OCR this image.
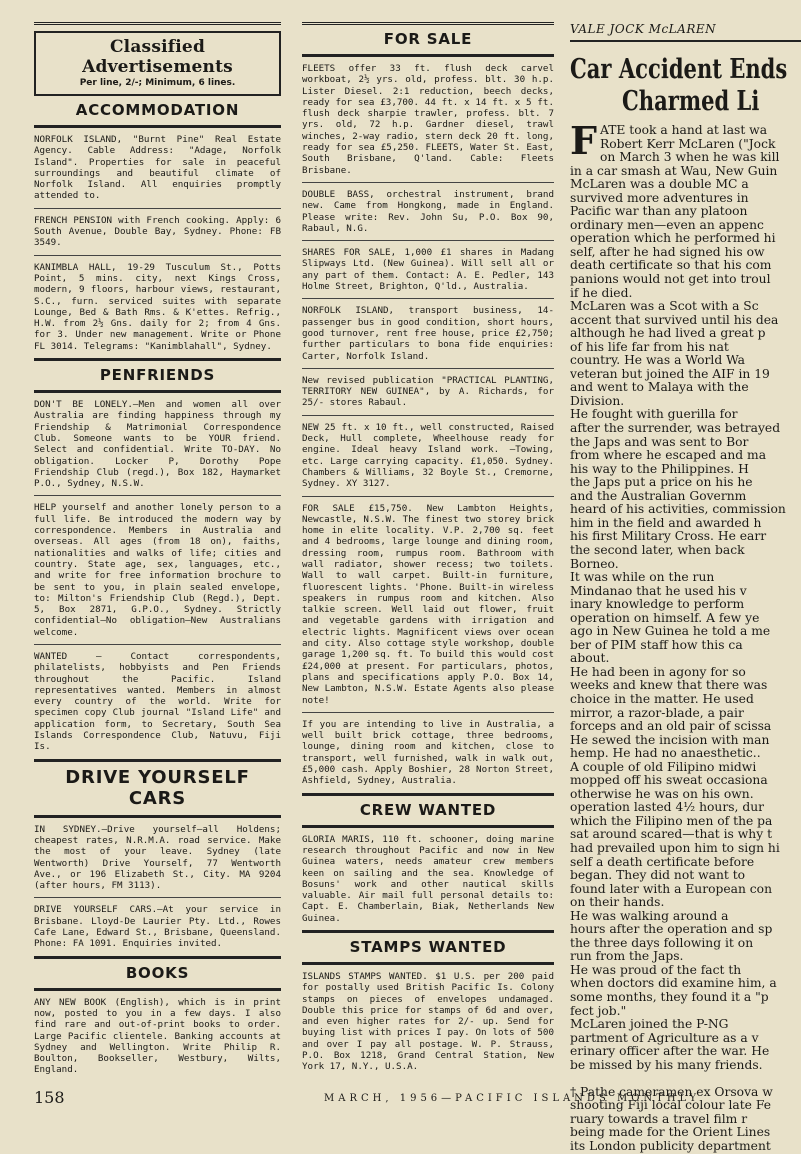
Classified Advertisements
Per line, 2/-; Minimum, 6 lines.
ACCOMMODATION
NORFOLK ISLAND, "Burnt Pine" Real Estate Agency. Cable Address: "Adage, Norfolk Island". Properties for sale in peaceful surroundings and beautiful climate of Norfolk Island. All enquiries promptly attended to.
FRENCH PENSION with French cooking. Apply: 6 South Avenue, Double Bay, Sydney. Phone: FB 3549.
KANIMBLA HALL, 19-29 Tusculum St., Potts Point, 5 mins. city, next Kings Cross, modern, 9 floors, harbour views, restaurant, S.C., furn. serviced suites with separate Lounge, Bed & Bath Rms. & K'ettes. Refrig., H.W. from 2½ Gns. daily for 2; from 4 Gns. for 3. Under new management. Write or Phone FL 3014. Telegrams: "Kanimblahall", Sydney.
PENFRIENDS
DON'T BE LONELY.—Men and women all over Australia are finding happiness through my Friendship & Matrimonial Correspondence Club. Someone wants to be YOUR friend. Select and confidential. Write TO-DAY. No obligation. Locker P, Dorothy Pope Friendship Club (regd.), Box 182, Haymarket P.O., Sydney, N.S.W.
HELP yourself and another lonely person to a full life. Be introduced the modern way by correspondence. Members in Australia and overseas. All ages (from 18 on), faiths, nationalities and walks of life; cities and country. State age, sex, languages, etc., and write for free information brochure to be sent to you, in plain sealed envelope, to: Milton's Friendship Club (Regd.), Dept. 5, Box 2871, G.P.O., Sydney. Strictly confidential—No obligation—New Australians welcome.
WANTED — Contact correspondents, philatelists, hobbyists and Pen Friends throughout the Pacific. Island representatives wanted. Members in almost every country of the world. Write for specimen copy Club journal "Island Life" and application form, to Secretary, South Sea Islands Correspondence Club, Natuvu, Fiji Is.
DRIVE YOURSELF CARS
IN SYDNEY.—Drive yourself—all Holdens; cheapest rates, N.R.M.A. road service. Make the most of your leave. Sydney (late Wentworth) Drive Yourself, 77 Wentworth Ave., or 196 Elizabeth St., City. MA 9204 (after hours, FM 3113).
DRIVE YOURSELF CARS.—At your service in Brisbane. Lloyd-De Laurier Pty. Ltd., Rowes Cafe Lane, Edward St., Brisbane, Queensland. Phone: FA 1091. Enquiries invited.
BOOKS
ANY NEW BOOK (English), which is in print now, posted to you in a few days. I also find rare and out-of-print books to order. Large Pacific clientele. Banking accounts at Sydney and Wellington. Write Philip R. Boulton, Bookseller, Westbury, Wilts, England.
FOR SALE
FLEETS offer 33 ft. flush deck carvel workboat, 2½ yrs. old, profess. blt. 30 h.p. Lister Diesel. 2:1 reduction, beech decks, ready for sea £3,700. 44 ft. x 14 ft. x 5 ft. flush deck sharpie trawler, profess. blt. 7 yrs. old, 72 h.p. Gardner diesel, trawl winches, 2-way radio, stern deck 20 ft. long, ready for sea £5,250. FLEETS, Water St. East, South Brisbane, Q'land. Cable: Fleets Brisbane.
DOUBLE BASS, orchestral instrument, brand new. Came from Hongkong, made in England. Please write: Rev. John Su, P.O. Box 90, Rabaul, N.G.
SHARES FOR SALE, 1,000 £1 shares in Madang Slipways Ltd. (New Guinea). Will sell all or any part of them. Contact: A. E. Pedler, 143 Holme Street, Brighton, Q'ld., Australia.
NORFOLK ISLAND, transport business, 14-passenger bus in good condition, short hours, good turnover, rent free house, price £2,750; further particulars to bona fide enquiries: Carter, Norfolk Island.
New revised publication "PRACTICAL PLANTING, TERRITORY NEW GUINEA", by A. Richards, for 25/- stores Rabaul.
NEW 25 ft. x 10 ft., well constructed, Raised Deck, Hull complete, Wheelhouse ready for engine. Ideal heavy Island work. —Towing, etc. Large carrying capacity. £1,050. Sydney. Chambers & Williams, 32 Boyle St., Cremorne, Sydney. XY 3127.
FOR SALE £15,750. New Lambton Heights, Newcastle, N.S.W. The finest two storey brick home in elite locality. V.P. 2,700 sq. feet and 4 bedrooms, large lounge and dining room, dressing room, rumpus room. Bathroom with wall radiator, shower recess; two toilets. Wall to wall carpet. Built-in furniture, fluorescent lights. 'Phone. Built-in wireless speakers in rumpus room and kitchen. Also talkie screen. Well laid out flower, fruit and vegetable gardens with irrigation and electric lights. Magnificent views over ocean and city. Also cottage style workshop, double garage 1,200 sq. ft. To build this would cost £24,000 at present. For particulars, photos, plans and specifications apply P.O. Box 14, New Lambton, N.S.W. Estate Agents also please note!
If you are intending to live in Australia, a well built brick cottage, three bedrooms, lounge, dining room and kitchen, close to transport, well furnished, walk in walk out, £5,000 cash. Apply Boshier, 28 Norton Street, Ashfield, Sydney, Australia.
CREW WANTED
GLORIA MARIS, 110 ft. schooner, doing marine research throughout Pacific and now in New Guinea waters, needs amateur crew members keen on sailing and the sea. Knowledge of Bosuns' work and other nautical skills valuable. Air mail full personal details to: Capt. E. Chamberlain, Biak, Netherlands New Guinea.
STAMPS WANTED
ISLANDS STAMPS WANTED. $1 U.S. per 200 paid for postally used British Pacific Is. Colony stamps on pieces of envelopes undamaged. Double this price for stamps of 6d and over, and even higher rates for 2/- up. Send for buying list with prices I pay. On lots of 500 and over I pay all postage. W. P. Strauss, P.O. Box 1218, Grand Central Station, New York 17, N.Y., U.S.A.
VALE JOCK McLAREN
Car Accident Ends
Charmed Li
F ATE took a hand at last wa
Robert Kerr McLaren ("Jock
on March 3 when he was kill
in a car smash at Wau, New Guin
McLaren was a double MC a
survived more adventures in
Pacific war than any platoon
ordinary men—even an appenc
operation which he performed hi
self, after he had signed his ow
death certificate so that his com
panions would not get into troul
if he died.
McLaren was a Scot with a Sc
accent that survived until his dea
although he had lived a great p
of his life far from his nat
country. He was a World Wa
veteran but joined the AIF in 19
and went to Malaya with the
Division.
He fought with guerilla for
after the surrender, was betrayed
the Japs and was sent to Bor
from where he escaped and ma
his way to the Philippines. H
the Japs put a price on his he
and the Australian Governm
heard of his activities, commission
him in the field and awarded h
his first Military Cross. He earr
the second later, when back
Borneo.
It was while on the run
Mindanao that he used his v
inary knowledge to perform
operation on himself. A few ye
ago in New Guinea he told a me
ber of PIM staff how this ca
about.
He had been in agony for so
weeks and knew that there was
choice in the matter. He used
mirror, a razor-blade, a pair
forceps and an old pair of scissa
He sewed the incision with man
hemp. He had no anaesthetic..
A couple of old Filipino midwi
mopped off his sweat occasiona
otherwise he was on his own.
operation lasted 4½ hours, dur
which the Filipino men of the pa
sat around scared—that is why t
had prevailed upon him to sign hi
self a death certificate before
began. They did not want to
found later with a European con
on their hands.
He was walking around a
hours after the operation and sp
the three days following it on
run from the Japs.
He was proud of the fact th
when doctors did examine him, a
some months, they found it a "p
fect job."
McLaren joined the P-NG
partment of Agriculture as a v
erinary officer after the war. He
be missed by his many friends.

† Pathe cameramen ex Orsova w
shooting Fiji local colour late Fe
ruary towards a travel film r
being made for the Orient Lines
its London publicity department
158	MARCH, 1956—PACIFIC ISLANDS MONTHLY
